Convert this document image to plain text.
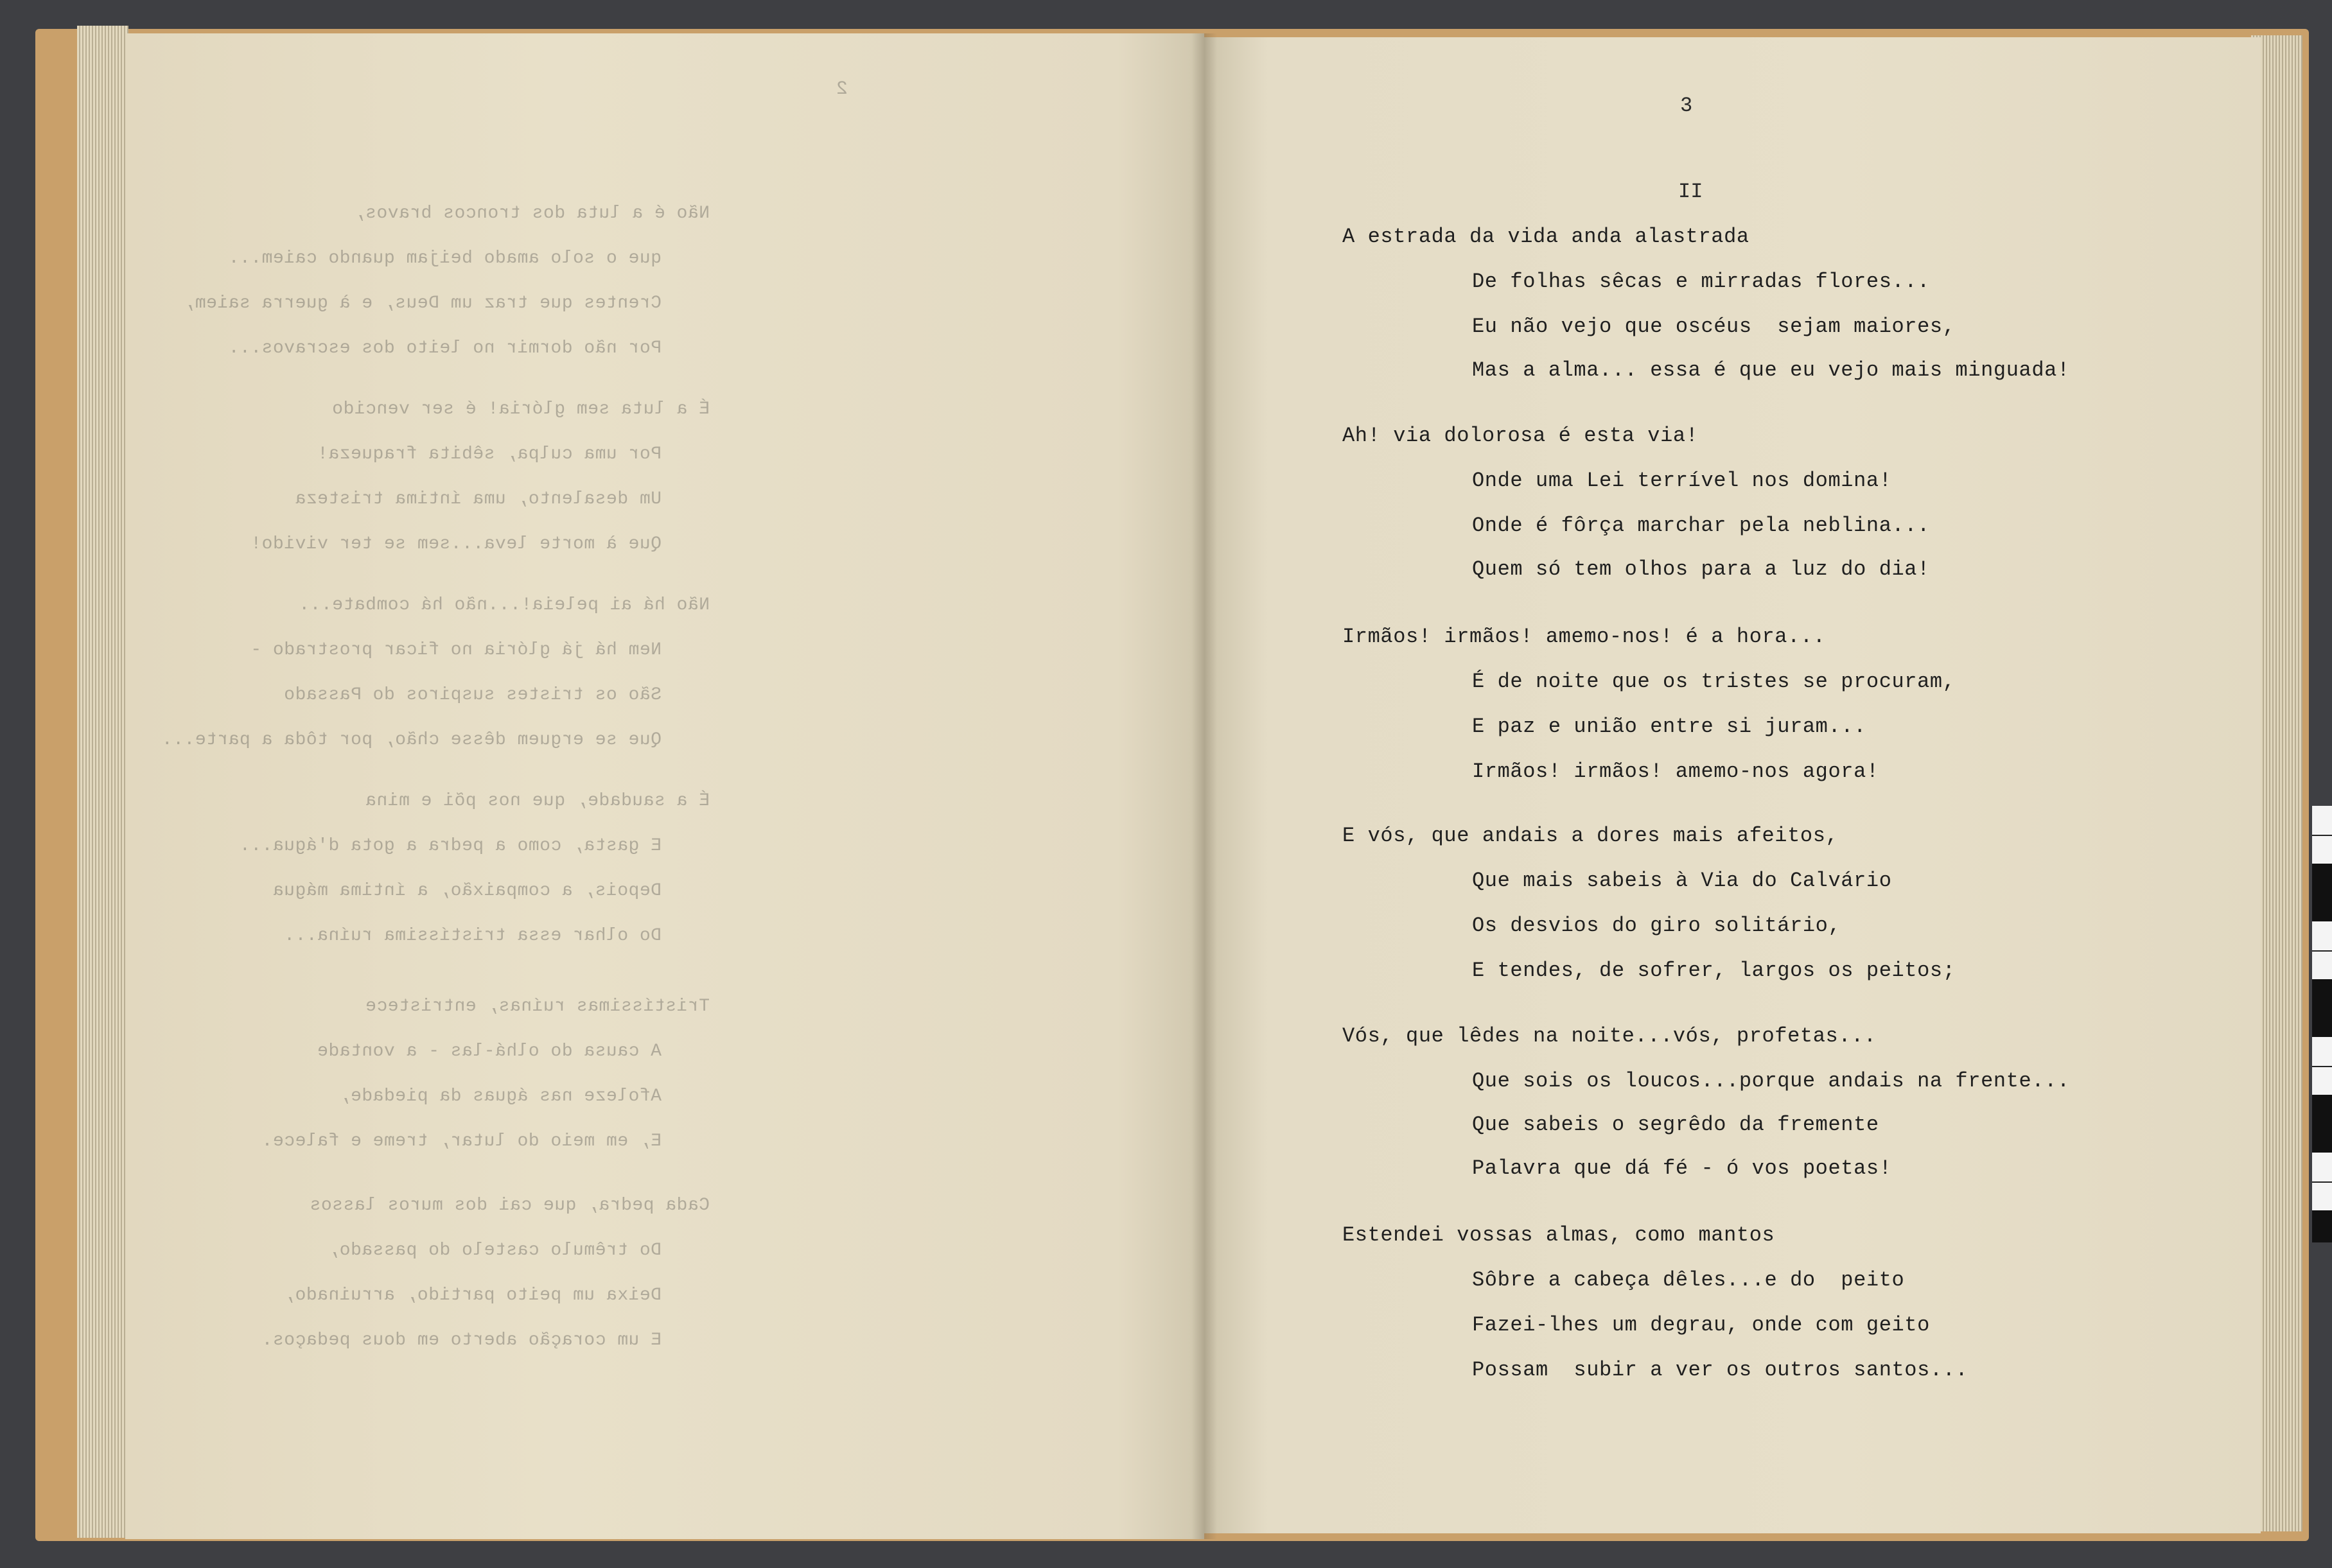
2
Não é a luta dos troncos bravos,
que o solo amado beijam quando caiem...
Crentes que traz um Deus, e à guerra saiem,
Por não dormir no leito dos escravos...
É a luta sem glória! é ser vencido
Por uma culpa, sêbita fraqueza!
Um desalento, uma íntima tristeza
Que à morte leva...sem se ter vivido!
Não há ai peleia!...não há combate...
Nem há já glória no ficar prostrado -
São os tristes suspiros do Passado
Que se erguem dêsse chão, por tôda a parte...
É a saudade, que nos põi e mina
E gasta, como a pedra a gota d'água...
Depois, a compaixão, a íntima mágua
Do olhar essa tristíssima ruína...
Tristíssimas ruínas, entristece
A causa do olhá-las - a vontade
Afoleze nas águas da piedade,
E, em meio do lutar, treme e falece.
Cada pedra, que cai dos muros lassos
Do trêmulo castelo do passado,
Deixa um peito partido, arruinado,
E um coração aberto em dous pedaços.
3
II
A estrada da vida anda alastrada
De folhas sêcas e mirradas flores...
Eu não vejo que oscéus  sejam maiores,
Mas a alma... essa é que eu vejo mais minguada!
Ah! via dolorosa é esta via!
Onde uma Lei terrível nos domina!
Onde é fôrça marchar pela neblina...
Quem só tem olhos para a luz do dia!
Irmãos! irmãos! amemo-nos! é a hora...
É de noite que os tristes se procuram,
E paz e união entre si juram...
Irmãos! irmãos! amemo-nos agora!
E vós, que andais a dores mais afeitos,
Que mais sabeis à Via do Calvário
Os desvios do giro solitário,
E tendes, de sofrer, largos os peitos;
Vós, que lêdes na noite...vós, profetas...
Que sois os loucos...porque andais na frente...
Que sabeis o segrêdo da fremente
Palavra que dá fé - ó vos poetas!
Estendei vossas almas, como mantos
Sôbre a cabeça dêles...e do  peito
Fazei-lhes um degrau, onde com geito
Possam  subir a ver os outros santos...
